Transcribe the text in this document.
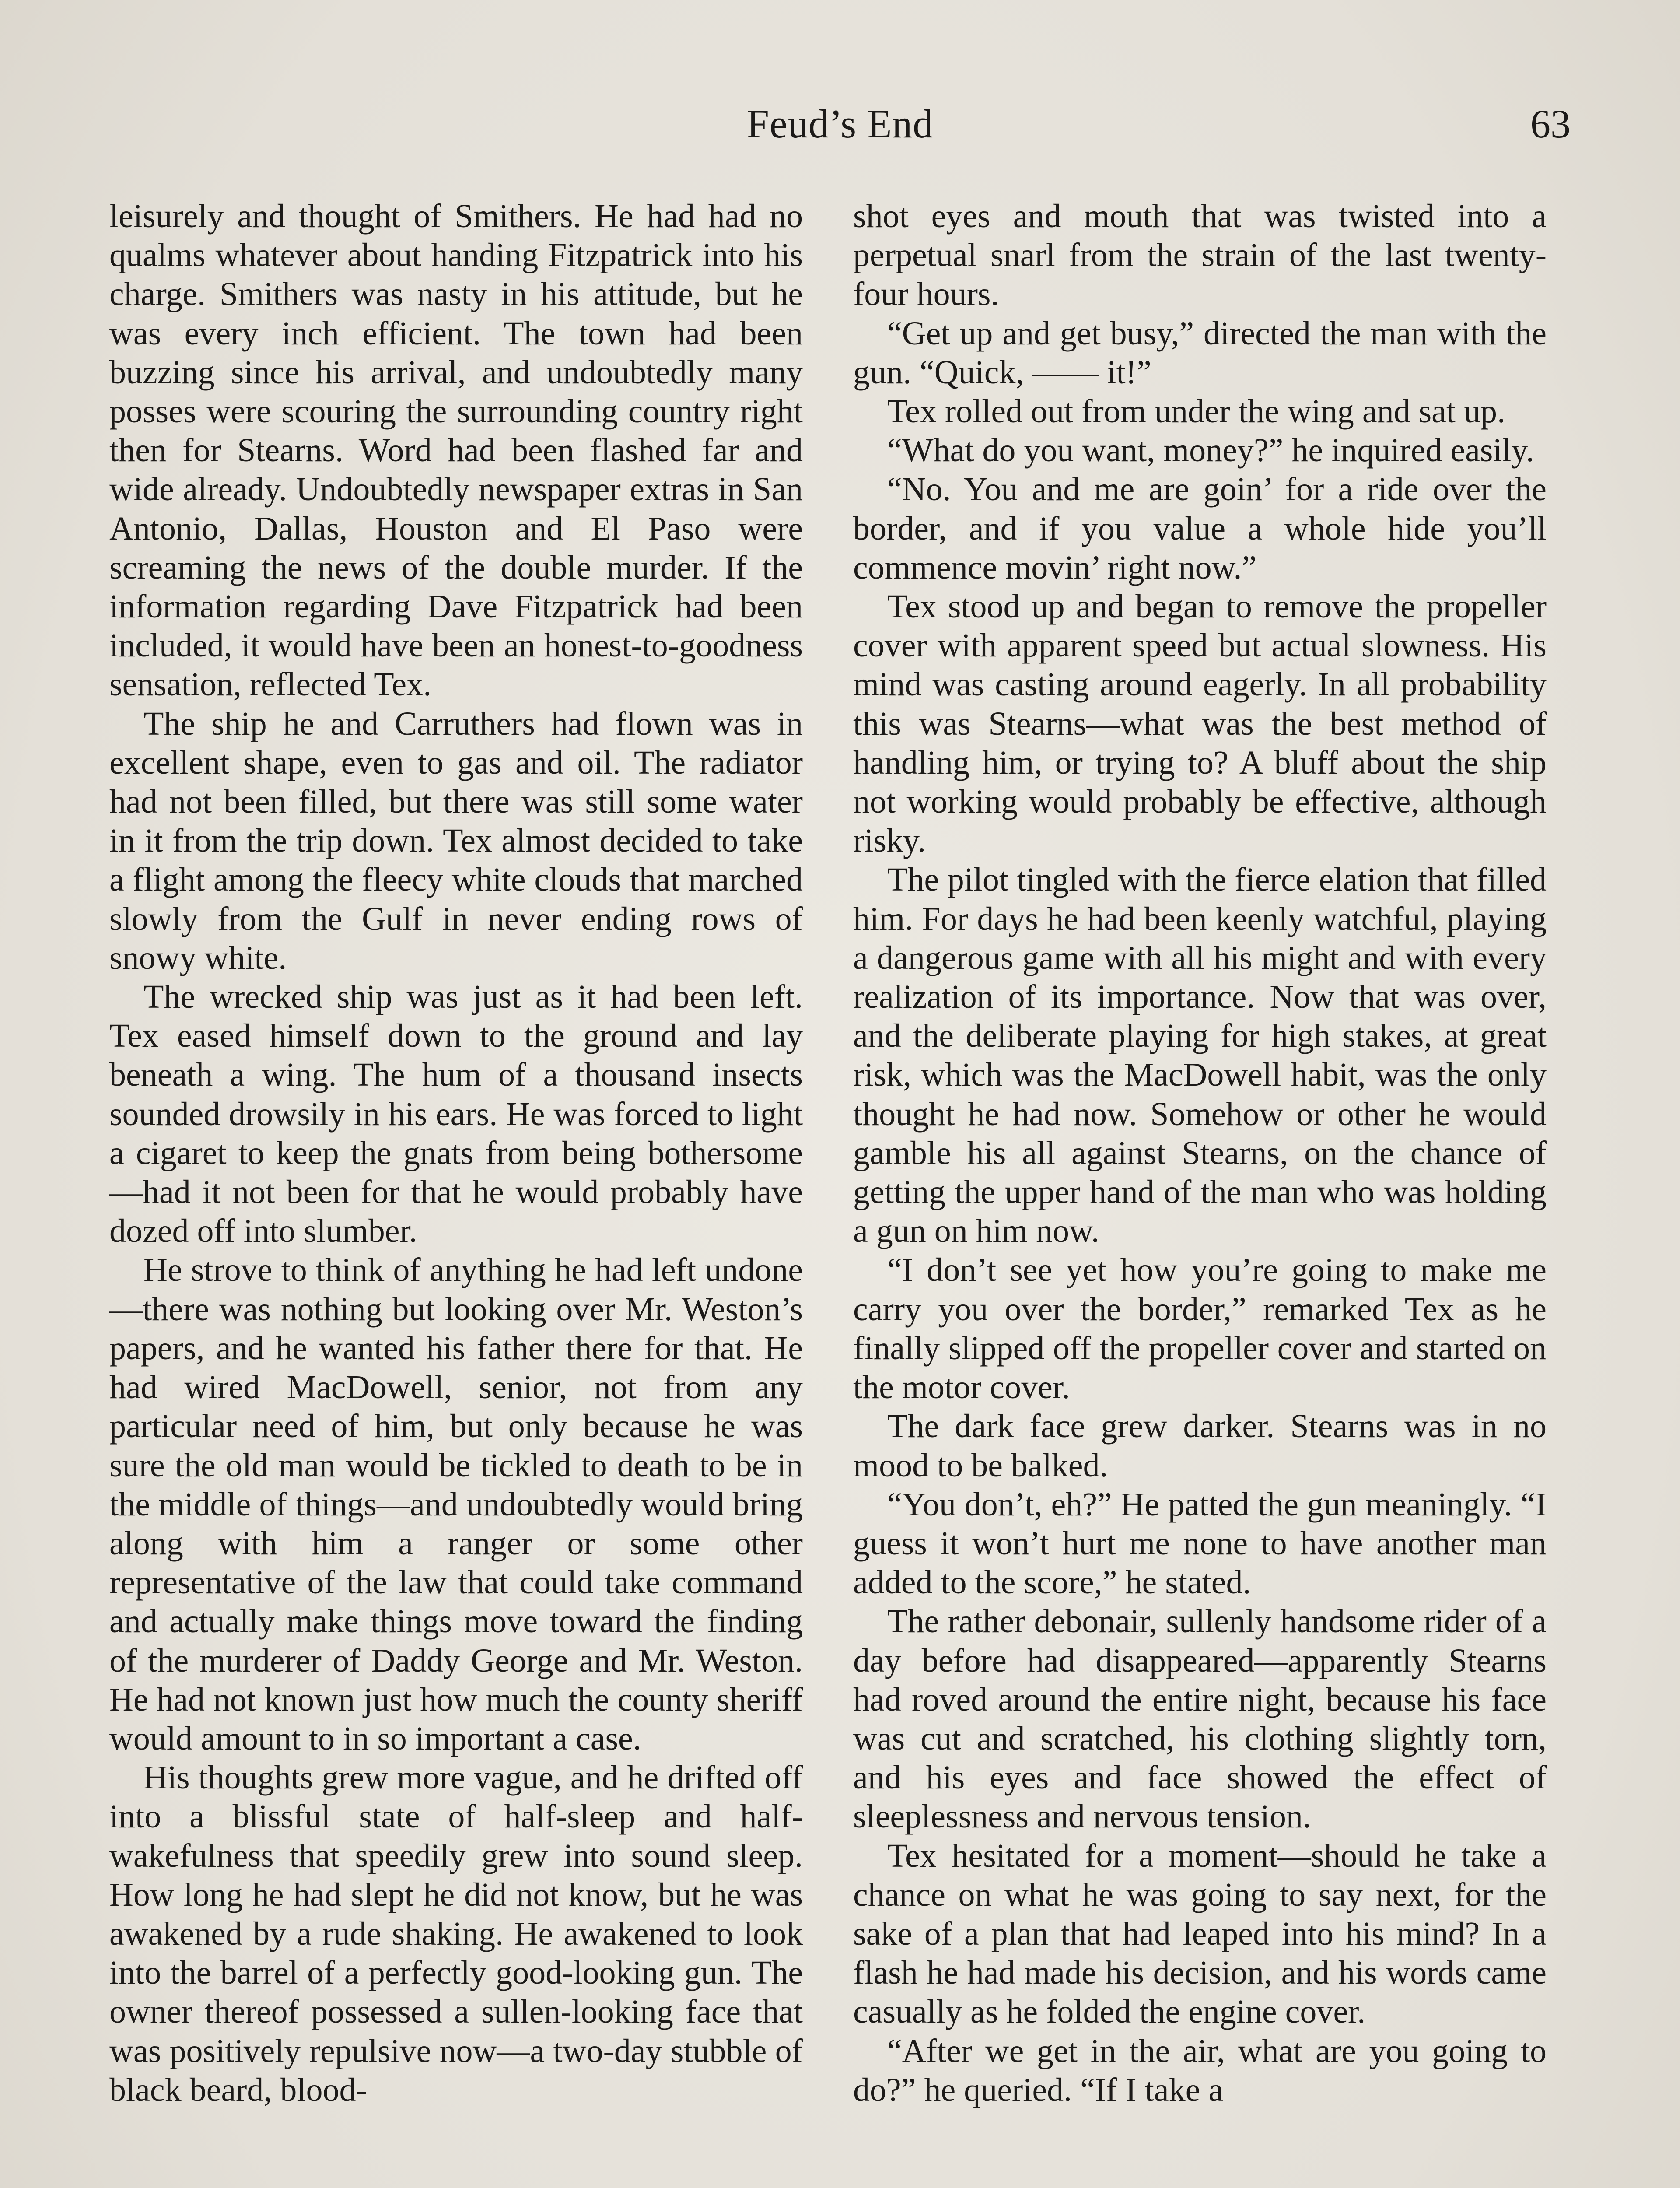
Feud’s End	63

leisurely and thought of Smithers. He had had no qualms whatever about handing Fitzpatrick into his charge. Smithers was nasty in his attitude, but he was every inch efficient. The town had been buzzing since his arrival, and undoubtedly many posses were scouring the surrounding country right then for Stearns. Word had been flashed far and wide already. Undoubtedly newspaper extras in San Antonio, Dallas, Houston and El Paso were screaming the news of the double murder. If the information regarding Dave Fitzpatrick had been included, it would have been an honest-to-goodness sensation, reflected Tex.

The ship he and Carruthers had flown was in excellent shape, even to gas and oil. The radiator had not been filled, but there was still some water in it from the trip down. Tex almost decided to take a flight among the fleecy white clouds that marched slowly from the Gulf in never ending rows of snowy white.

The wrecked ship was just as it had been left. Tex eased himself down to the ground and lay beneath a wing. The hum of a thousand insects sounded drowsily in his ears. He was forced to light a cigaret to keep the gnats from being bothersome—had it not been for that he would probably have dozed off into slumber.

He strove to think of anything he had left undone—there was nothing but looking over Mr. Weston’s papers, and he wanted his father there for that. He had wired MacDowell, senior, not from any particular need of him, but only because he was sure the old man would be tickled to death to be in the middle of things—and undoubtedly would bring along with him a ranger or some other representative of the law that could take command and actually make things move toward the finding of the murderer of Daddy George and Mr. Weston. He had not known just how much the county sheriff would amount to in so important a case.

His thoughts grew more vague, and he drifted off into a blissful state of half-sleep and half-wakefulness that speedily grew into sound sleep. How long he had slept he did not know, but he was awakened by a rude shaking. He awakened to look into the barrel of a perfectly good-looking gun. The owner thereof possessed a sullen-looking face that was positively repulsive now—a two-day stubble of black beard, blood-

shot eyes and mouth that was twisted into a perpetual snarl from the strain of the last twenty-four hours.

“Get up and get busy,” directed the man with the gun. “Quick, —— it!”

Tex rolled out from under the wing and sat up.

“What do you want, money?” he inquired easily.

“No. You and me are goin’ for a ride over the border, and if you value a whole hide you’ll commence movin’ right now.”

Tex stood up and began to remove the propeller cover with apparent speed but actual slowness. His mind was casting around eagerly. In all probability this was Stearns—what was the best method of handling him, or trying to? A bluff about the ship not working would probably be effective, although risky.

The pilot tingled with the fierce elation that filled him. For days he had been keenly watchful, playing a dangerous game with all his might and with every realization of its importance. Now that was over, and the deliberate playing for high stakes, at great risk, which was the MacDowell habit, was the only thought he had now. Somehow or other he would gamble his all against Stearns, on the chance of getting the upper hand of the man who was holding a gun on him now.

“I don’t see yet how you’re going to make me carry you over the border,” remarked Tex as he finally slipped off the propeller cover and started on the motor cover.

The dark face grew darker. Stearns was in no mood to be balked.

“You don’t, eh?” He patted the gun meaningly. “I guess it won’t hurt me none to have another man added to the score,” he stated.

The rather debonair, sullenly handsome rider of a day before had disappeared—apparently Stearns had roved around the entire night, because his face was cut and scratched, his clothing slightly torn, and his eyes and face showed the effect of sleeplessness and nervous tension.

Tex hesitated for a moment—should he take a chance on what he was going to say next, for the sake of a plan that had leaped into his mind? In a flash he had made his decision, and his words came casually as he folded the engine cover.

“After we get in the air, what are you going to do?” he queried. “If I take a
